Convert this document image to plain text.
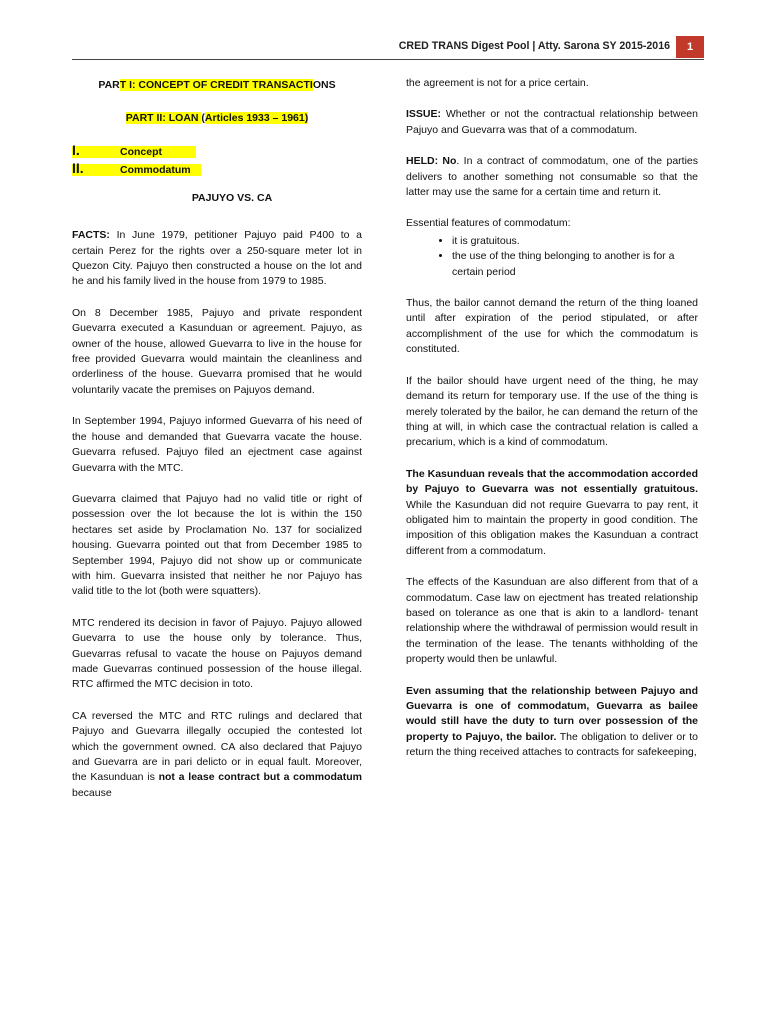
CRED TRANS Digest Pool | Atty. Sarona SY 2015-2016	1
PART I: CONCEPT OF CREDIT TRANSACTIONS
PART II: LOAN (Articles 1933 – 1961)
I.	Concept
II.	Commodatum
PAJUYO VS. CA

FACTS: In June 1979, petitioner Pajuyo paid P400 to a certain Perez for the rights over a 250-square meter lot in Quezon City. Pajuyo then constructed a house on the lot and he and his family lived in the house from 1979 to 1985.

On 8 December 1985, Pajuyo and private respondent Guevarra executed a Kasunduan or agreement. Pajuyo, as owner of the house, allowed Guevarra to live in the house for free provided Guevarra would maintain the cleanliness and orderliness of the house. Guevarra promised that he would voluntarily vacate the premises on Pajuyos demand.

In September 1994, Pajuyo informed Guevarra of his need of the house and demanded that Guevarra vacate the house. Guevarra refused. Pajuyo filed an ejectment case against Guevarra with the MTC.

Guevarra claimed that Pajuyo had no valid title or right of possession over the lot because the lot is within the 150 hectares set aside by Proclamation No. 137 for socialized housing. Guevarra pointed out that from December 1985 to September 1994, Pajuyo did not show up or communicate with him. Guevarra insisted that neither he nor Pajuyo has valid title to the lot (both were squatters).

MTC rendered its decision in favor of Pajuyo. Pajuyo allowed Guevarra to use the house only by tolerance. Thus, Guevarras refusal to vacate the house on Pajuyos demand made Guevarras continued possession of the house illegal. RTC affirmed the MTC decision in toto.

CA reversed the MTC and RTC rulings and declared that Pajuyo and Guevarra illegally occupied the contested lot which the government owned. CA also declared that Pajuyo and Guevarra are in pari delicto or in equal fault. Moreover, the Kasunduan is not a lease contract but a commodatum because

the agreement is not for a price certain.

ISSUE: Whether or not the contractual relationship between Pajuyo and Guevarra was that of a commodatum.

HELD: No. In a contract of commodatum, one of the parties delivers to another something not consumable so that the latter may use the same for a certain time and return it.

Essential features of commodatum:

• it is gratuitous.
• the use of the thing belonging to another is for a certain period

Thus, the bailor cannot demand the return of the thing loaned until after expiration of the period stipulated, or after accomplishment of the use for which the commodatum is constituted.

If the bailor should have urgent need of the thing, he may demand its return for temporary use. If the use of the thing is merely tolerated by the bailor, he can demand the return of the thing at will, in which case the contractual relation is called a precarium, which is a kind of commodatum.

The Kasunduan reveals that the accommodation accorded by Pajuyo to Guevarra was not essentially gratuitous. While the Kasunduan did not require Guevarra to pay rent, it obligated him to maintain the property in good condition. The imposition of this obligation makes the Kasunduan a contract different from a commodatum.

The effects of the Kasunduan are also different from that of a commodatum. Case law on ejectment has treated relationship based on tolerance as one that is akin to a landlord- tenant relationship where the withdrawal of permission would result in the termination of the lease. The tenants withholding of the property would then be unlawful.

Even assuming that the relationship between Pajuyo and Guevarra is one of commodatum, Guevarra as bailee would still have the duty to turn over possession of the property to Pajuyo, the bailor. The obligation to deliver or to return the thing received attaches to contracts for safekeeping,
